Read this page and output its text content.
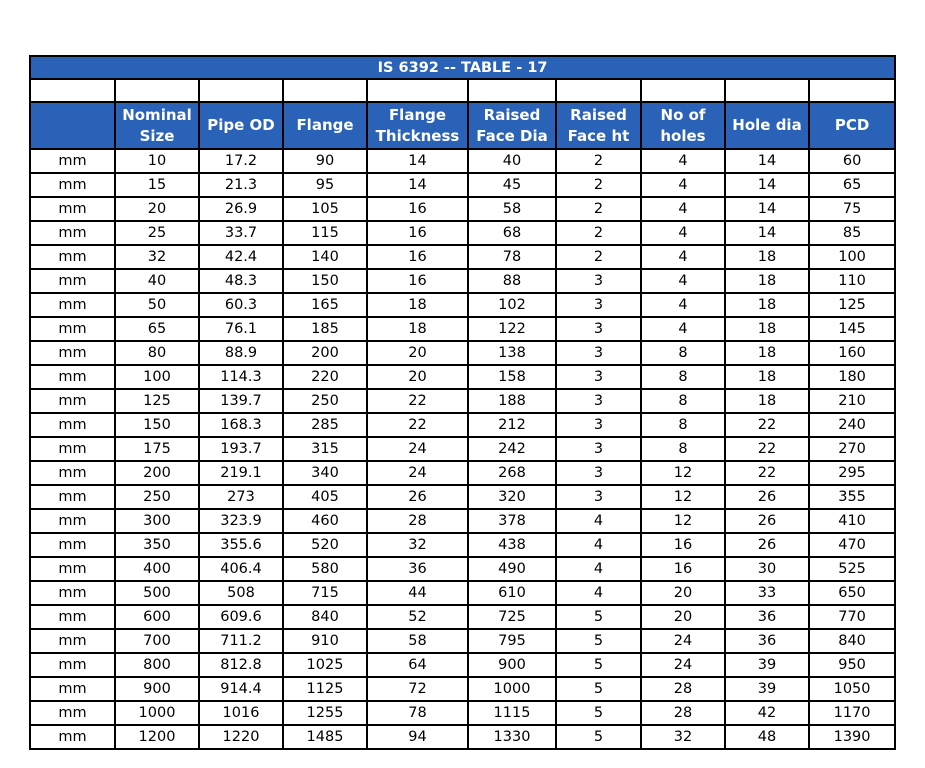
IS 6392 -- TABLE - 17									

	Nominal Size	Pipe OD	Flange	Flange Thickness	Raised Face Dia	Raised Face ht	No of holes	Hole dia	PCD
mm	10	17.2	90	14	40	2	4	14	60
mm	15	21.3	95	14	45	2	4	14	65
mm	20	26.9	105	16	58	2	4	14	75
mm	25	33.7	115	16	68	2	4	14	85
mm	32	42.4	140	16	78	2	4	18	100
mm	40	48.3	150	16	88	3	4	18	110
mm	50	60.3	165	18	102	3	4	18	125
mm	65	76.1	185	18	122	3	4	18	145
mm	80	88.9	200	20	138	3	8	18	160
mm	100	114.3	220	20	158	3	8	18	180
mm	125	139.7	250	22	188	3	8	18	210
mm	150	168.3	285	22	212	3	8	22	240
mm	175	193.7	315	24	242	3	8	22	270
mm	200	219.1	340	24	268	3	12	22	295
mm	250	273	405	26	320	3	12	26	355
mm	300	323.9	460	28	378	4	12	26	410
mm	350	355.6	520	32	438	4	16	26	470
mm	400	406.4	580	36	490	4	16	30	525
mm	500	508	715	44	610	4	20	33	650
mm	600	609.6	840	52	725	5	20	36	770
mm	700	711.2	910	58	795	5	24	36	840
mm	800	812.8	1025	64	900	5	24	39	950
mm	900	914.4	1125	72	1000	5	28	39	1050
mm	1000	1016	1255	78	1115	5	28	42	1170
mm	1200	1220	1485	94	1330	5	32	48	1390
